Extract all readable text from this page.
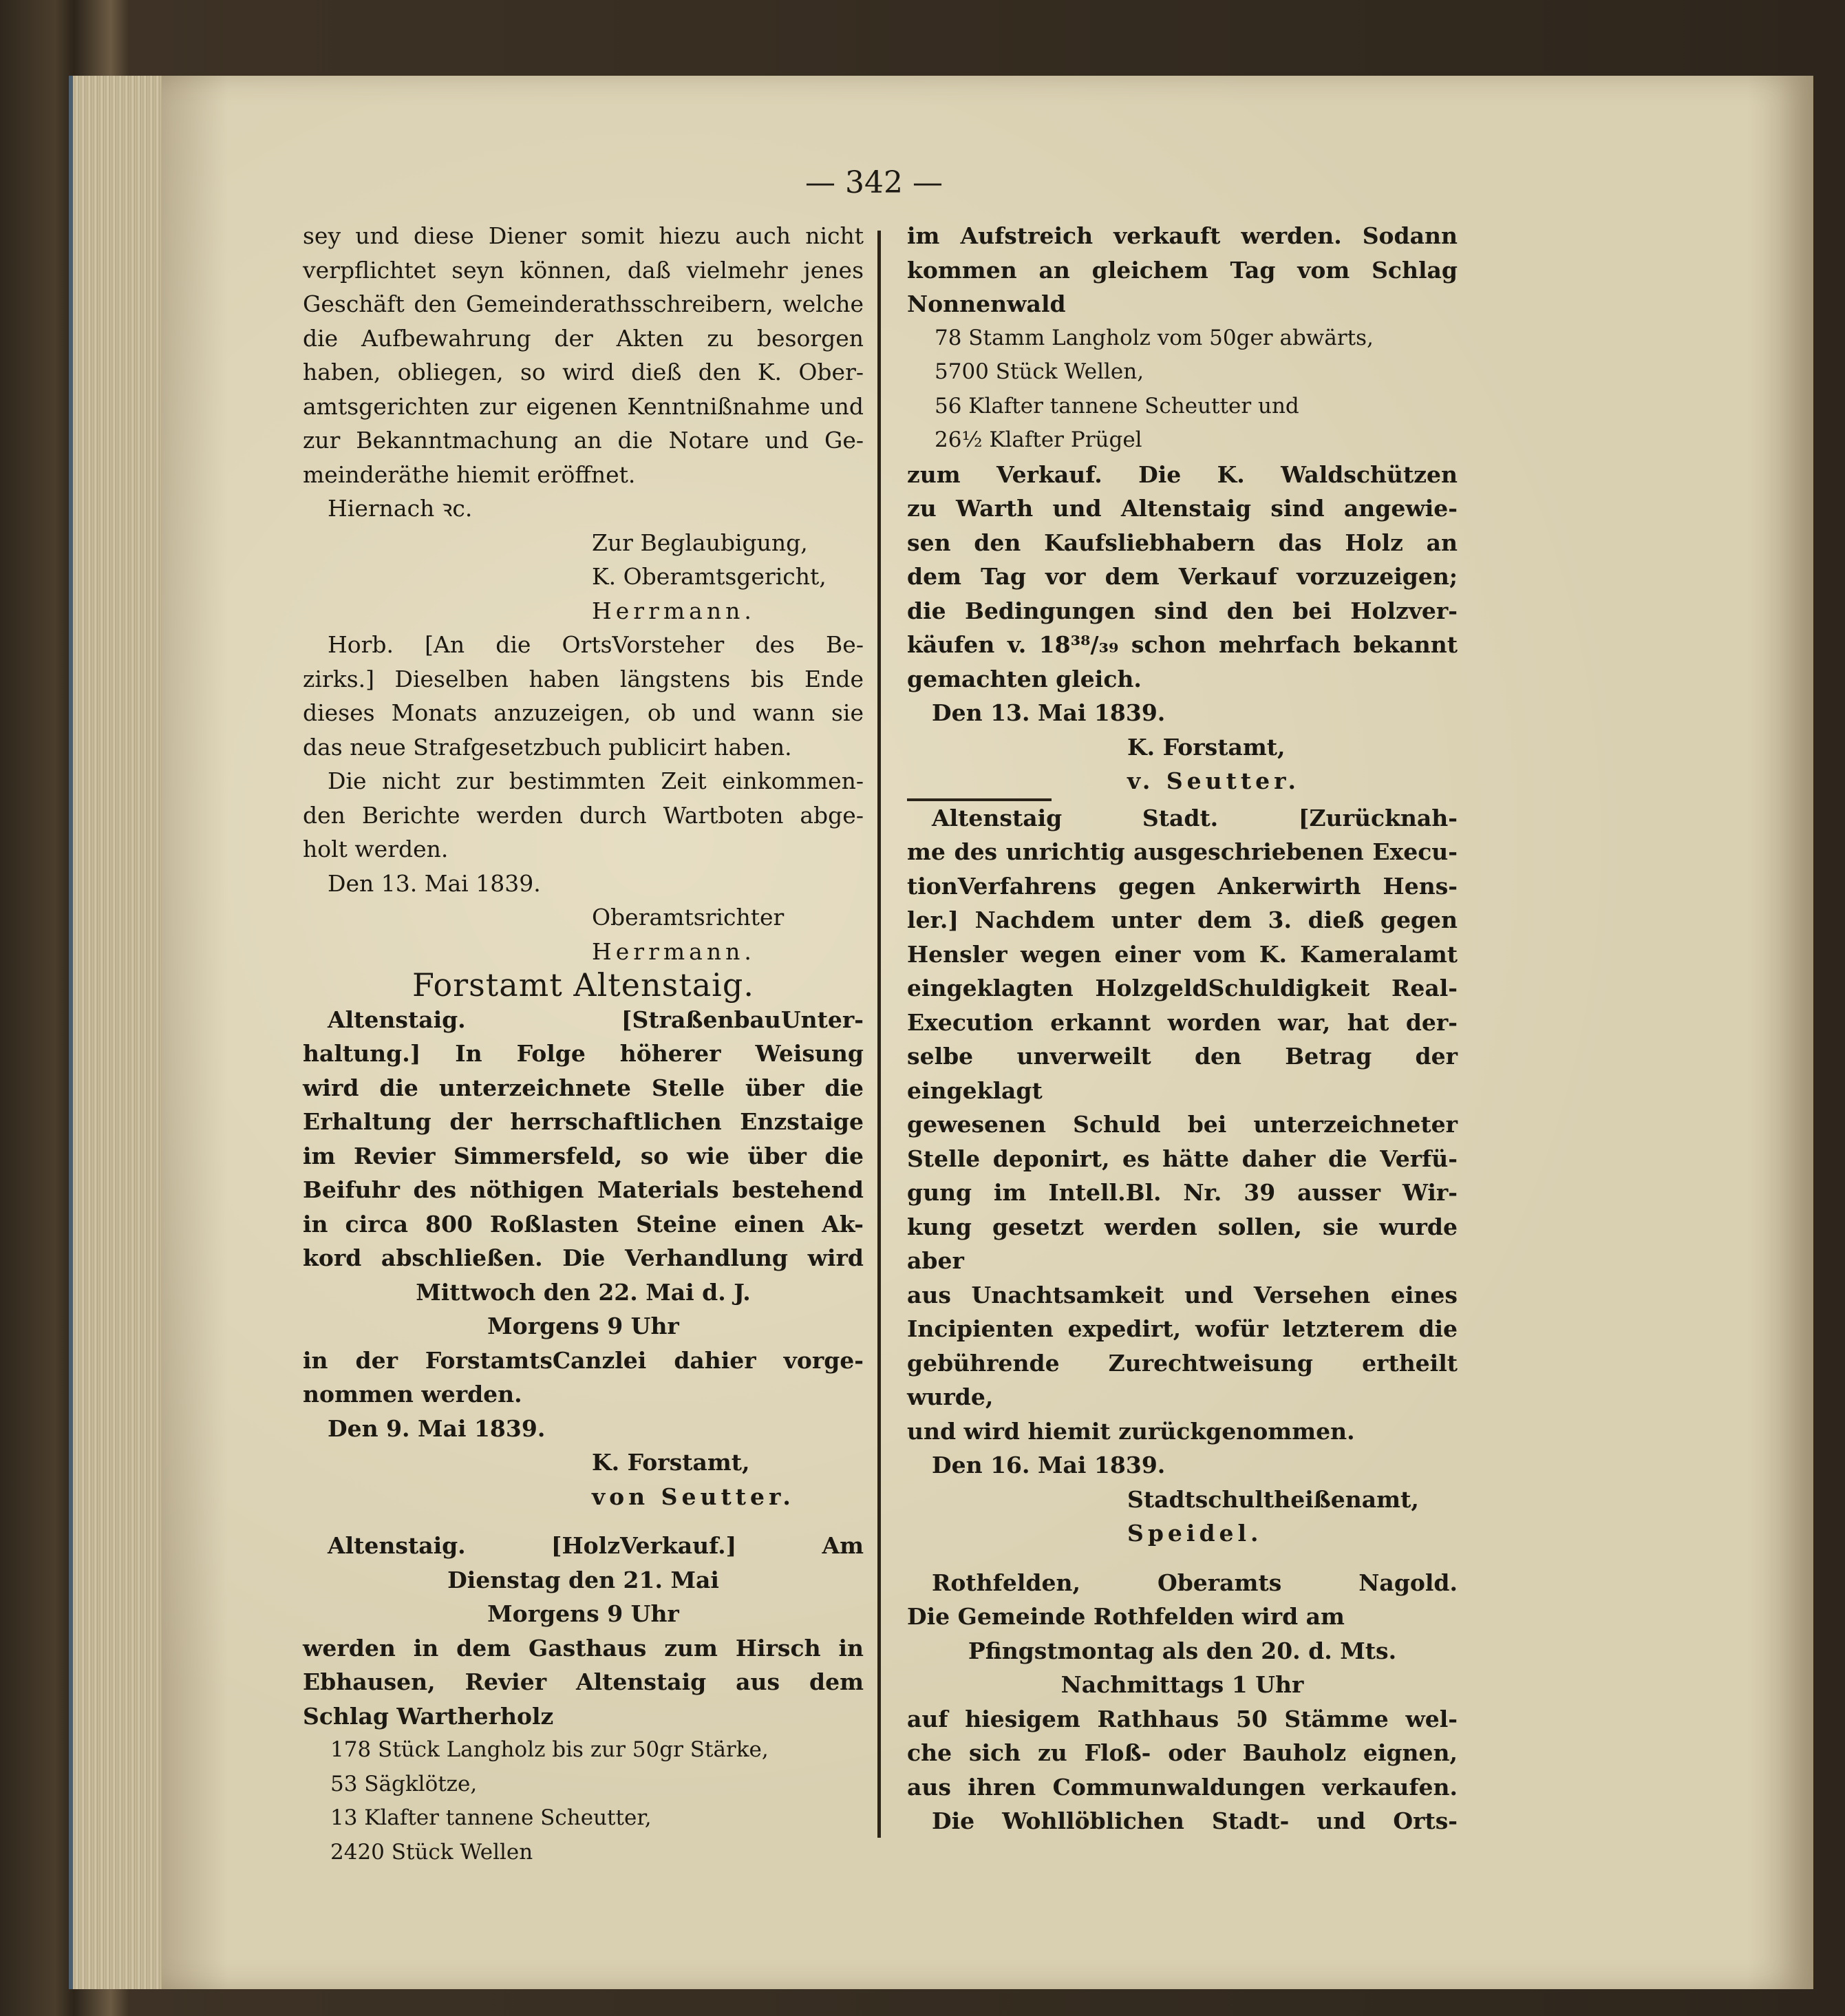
— 342 —
sey und diese Diener somit hiezu auch nicht
verpflichtet seyn können, daß vielmehr jenes
Geschäft den Gemeinderathsschreibern, welche
die Aufbewahrung der Akten zu besorgen
haben, obliegen, so wird dieß den K. Ober-
amtsgerichten zur eigenen Kenntnißnahme und
zur Bekanntmachung an die Notare und Ge-
meinderäthe hiemit eröffnet.
Hiernach ꝛc.
Zur Beglaubigung,
K. Oberamtsgericht,
Herrmann.
Horb. [An die OrtsVorsteher des Be-
zirks.] Dieselben haben längstens bis Ende
dieses Monats anzuzeigen, ob und wann sie
das neue Strafgesetzbuch publicirt haben.
Die nicht zur bestimmten Zeit einkommen-
den Berichte werden durch Wartboten abge-
holt werden.
Den 13. Mai 1839.
Oberamtsrichter
Herrmann.
Forstamt Altenstaig.
Altenstaig. [StraßenbauUnter-
haltung.] In Folge höherer Weisung
wird die unterzeichnete Stelle über die
Erhaltung der herrschaftlichen Enzstaige
im Revier Simmersfeld, so wie über die
Beifuhr des nöthigen Materials bestehend
in circa 800 Roßlasten Steine einen Ak-
kord abschließen. Die Verhandlung wird
Mittwoch den 22. Mai d. J.
Morgens 9 Uhr
in der ForstamtsCanzlei dahier vorge-
nommen werden.
Den 9. Mai 1839.
K. Forstamt,
von Seutter.
Altenstaig. [HolzVerkauf.] Am
Dienstag den 21. Mai
Morgens 9 Uhr
werden in dem Gasthaus zum Hirsch in
Ebhausen, Revier Altenstaig aus dem
Schlag Wartherholz
178 Stück Langholz bis zur 50gr Stärke,
53 Sägklötze,
13 Klafter tannene Scheutter,
2420 Stück Wellen
im Aufstreich verkauft werden. Sodann
kommen an gleichem Tag vom Schlag
Nonnenwald
78 Stamm Langholz vom 50ger abwärts,
5700 Stück Wellen,
56 Klafter tannene Scheutter und
26½ Klafter Prügel
zum Verkauf. Die K. Waldschützen
zu Warth und Altenstaig sind angewie-
sen den Kaufsliebhabern das Holz an
dem Tag vor dem Verkauf vorzuzeigen;
die Bedingungen sind den bei Holzver-
käufen v. 18³⁸/₃₉ schon mehrfach bekannt
gemachten gleich.
Den 13. Mai 1839.
K. Forstamt,
v. Seutter.
Altenstaig Stadt. [Zurücknah-
me des unrichtig ausgeschriebenen Execu-
tionVerfahrens gegen Ankerwirth Hens-
ler.] Nachdem unter dem 3. dieß gegen
Hensler wegen einer vom K. Kameralamt
eingeklagten HolzgeldSchuldigkeit Real-
Execution erkannt worden war, hat der-
selbe unverweilt den Betrag der eingeklagt
gewesenen Schuld bei unterzeichneter
Stelle deponirt, es hätte daher die Verfü-
gung im Intell.Bl. Nr. 39 ausser Wir-
kung gesetzt werden sollen, sie wurde aber
aus Unachtsamkeit und Versehen eines
Incipienten expedirt, wofür letzterem die
gebührende Zurechtweisung ertheilt wurde,
und wird hiemit zurückgenommen.
Den 16. Mai 1839.
Stadtschultheißenamt,
Speidel.
Rothfelden, Oberamts Nagold.
Die Gemeinde Rothfelden wird am
Pfingstmontag als den 20. d. Mts.
Nachmittags 1 Uhr
auf hiesigem Rathhaus 50 Stämme wel-
che sich zu Floß- oder Bauholz eignen,
aus ihren Communwaldungen verkaufen.
Die Wohllöblichen Stadt- und Orts-
